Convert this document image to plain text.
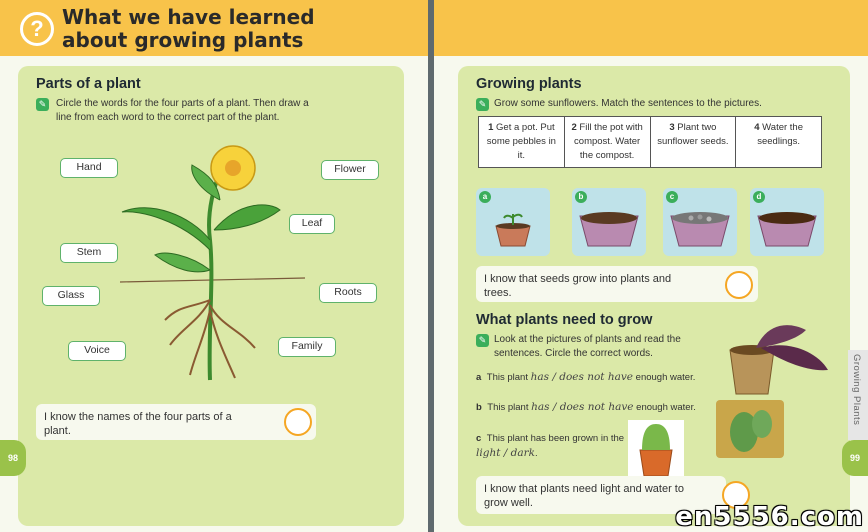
? What we have learned
about growing plants
Parts of a plant
✎ Circle the words for the four parts of a plant. Then draw a line from each word to the correct part of the plant.
Hand	Flower
Leaf
Stem
Glass	Roots
Family
Voice
I know the names of the four parts of a plant.
98
Growing plants
✎ Grow some sunflowers. Match the sentences to the pictures.
1 Get a pot. Put some pebbles in it.
2 Fill the pot with compost. Water the compost.
3 Plant two sunflower seeds.
4 Water the seedlings.
a	b	c	d
I know that seeds grow into plants and trees.
What plants need to grow
✎ Look at the pictures of plants and read the sentences. Circle the correct words.
a This plant has / does not have enough water.
b This plant has / does not have enough water.
c This plant has been grown in the light / dark.
I know that plants need light and water to grow well.
Growing Plants
99
en5556.com
